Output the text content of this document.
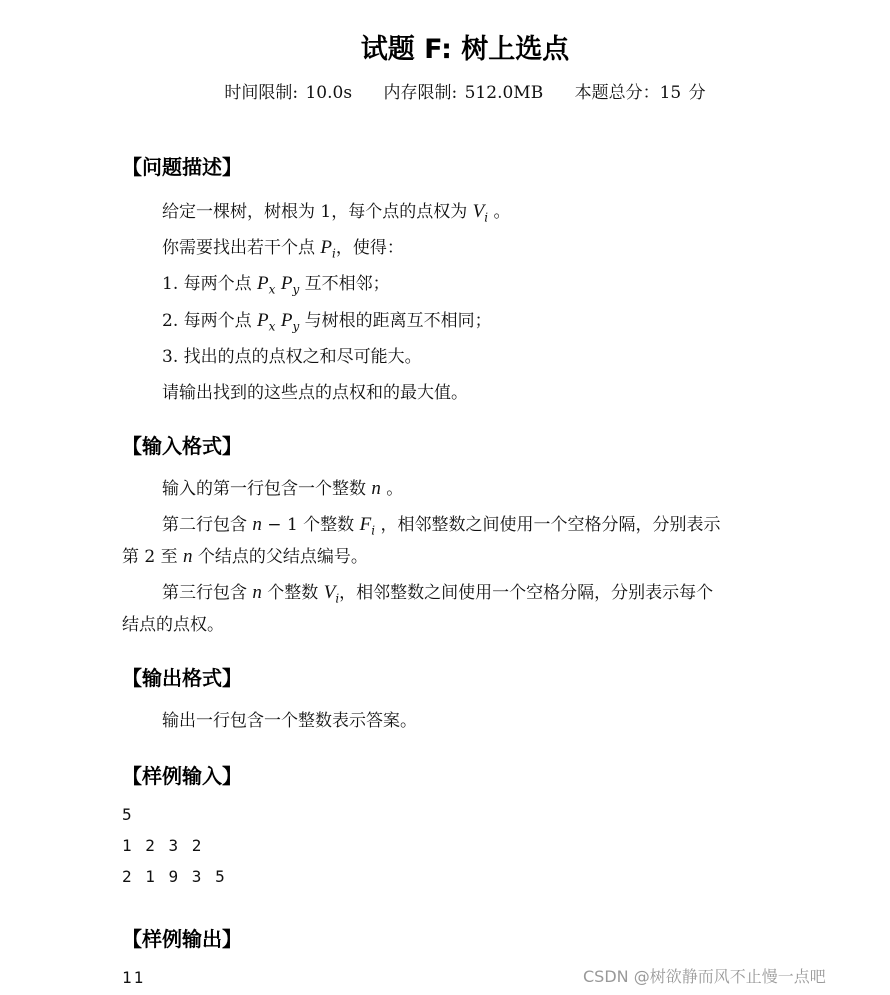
试题 F: 树上选点
时间限制: 10.0s 内存限制: 512.0MB 本题总分：15 分
【问题描述】
给定一棵树，树根为 1，每个点的点权为 $V_i$ 。
你需要找出若干个点 $P_i$，使得：
1. 每两个点 $P_x$ $P_y$ 互不相邻；
2. 每两个点 $P_x$ $P_y$ 与树根的距离互不相同；
3. 找出的点的点权之和尽可能大。
请输出找到的这些点的点权和的最大值。
【输入格式】
输入的第一行包含一个整数 n 。
第二行包含 n − 1 个整数 $F_i$ ，相邻整数之间使用一个空格分隔，分别表示
第 2 至 n 个结点的父结点编号。
第三行包含 n 个整数 $V_i$，相邻整数之间使用一个空格分隔，分别表示每个
结点的点权。
【输出格式】
输出一行包含一个整数表示答案。
【样例输入】
5
1 2 3 2
2 1 9 3 5
【样例输出】
11	CSDN @树欲静而风不止慢一点吧
